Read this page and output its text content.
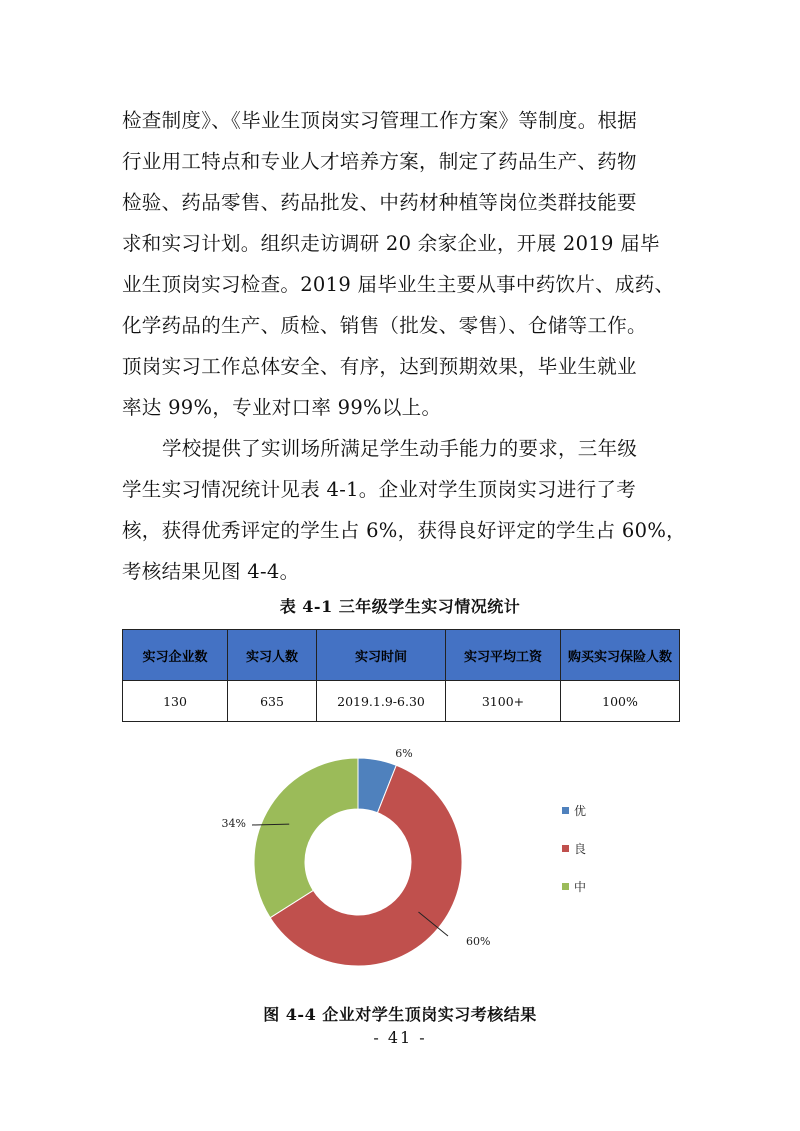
检查制度》、《毕业生顶岗实习管理工作方案》等制度。根据
行业用工特点和专业人才培养方案，制定了药品生产、药物
检验、药品零售、药品批发、中药材种植等岗位类群技能要
求和实习计划。组织走访调研 20 余家企业，开展 2019 届毕
业生顶岗实习检查。2019 届毕业生主要从事中药饮片、成药、
化学药品的生产、质检、销售（批发、零售）、仓储等工作。
顶岗实习工作总体安全、有序，达到预期效果，毕业生就业
率达 99%，专业对口率 99%以上。
学校提供了实训场所满足学生动手能力的要求，三年级
学生实习情况统计见表 4-1。企业对学生顶岗实习进行了考
核，获得优秀评定的学生占 6%，获得良好评定的学生占 60%，
考核结果见图 4-4。
表 4-1 三年级学生实习情况统计
实习企业数	实习人数	实习时间	实习平均工资	购买实习保险人数
130	635	2019.1.9-6.30	3100+	100%
6%
60%
34%
优
良
中
图 4-4 企业对学生顶岗实习考核结果
- 41 -
